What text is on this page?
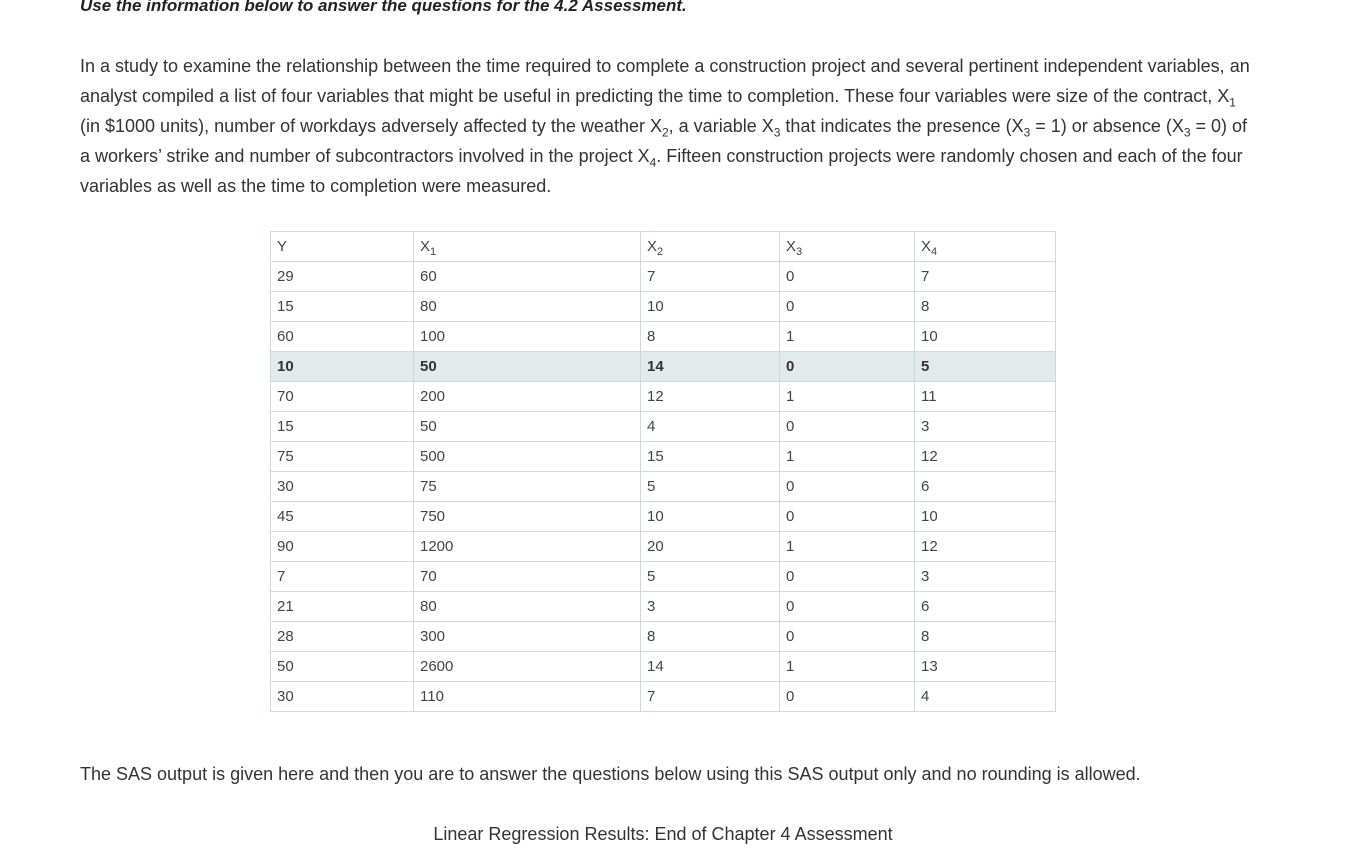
Use the information below to answer the questions for the 4.2 Assessment.

In a study to examine the relationship between the time required to complete a construction project and several pertinent independent variables, an analyst compiled a list of four variables that might be useful in predicting the time to completion. These four variables were size of the contract, $X_1$ (in $1000 units), number of workdays adversely affected ty the weather $X_2$, a variable $X_3$ that indicates the presence $(X_3 = 1)$ or absence $(X_3 = 0)$ of a workers’ strike and number of subcontractors involved in the project $X_4$. Fifteen construction projects were randomly chosen and each of the four variables as well as the time to completion were measured.

Y	$X_1$	$X_2$	$X_3$	$X_4$
29	60	7	0	7
15	80	10	0	8
60	100	8	1	10
10	50	14	0	5
70	200	12	1	11
15	50	4	0	3
75	500	15	1	12
30	75	5	0	6
45	750	10	0	10
90	1200	20	1	12
7	70	5	0	3
21	80	3	0	6
28	300	8	0	8
50	2600	14	1	13
30	110	7	0	4

The SAS output is given here and then you are to answer the questions below using this SAS output only and no rounding is allowed.

Linear Regression Results: End of Chapter 4 Assessment
